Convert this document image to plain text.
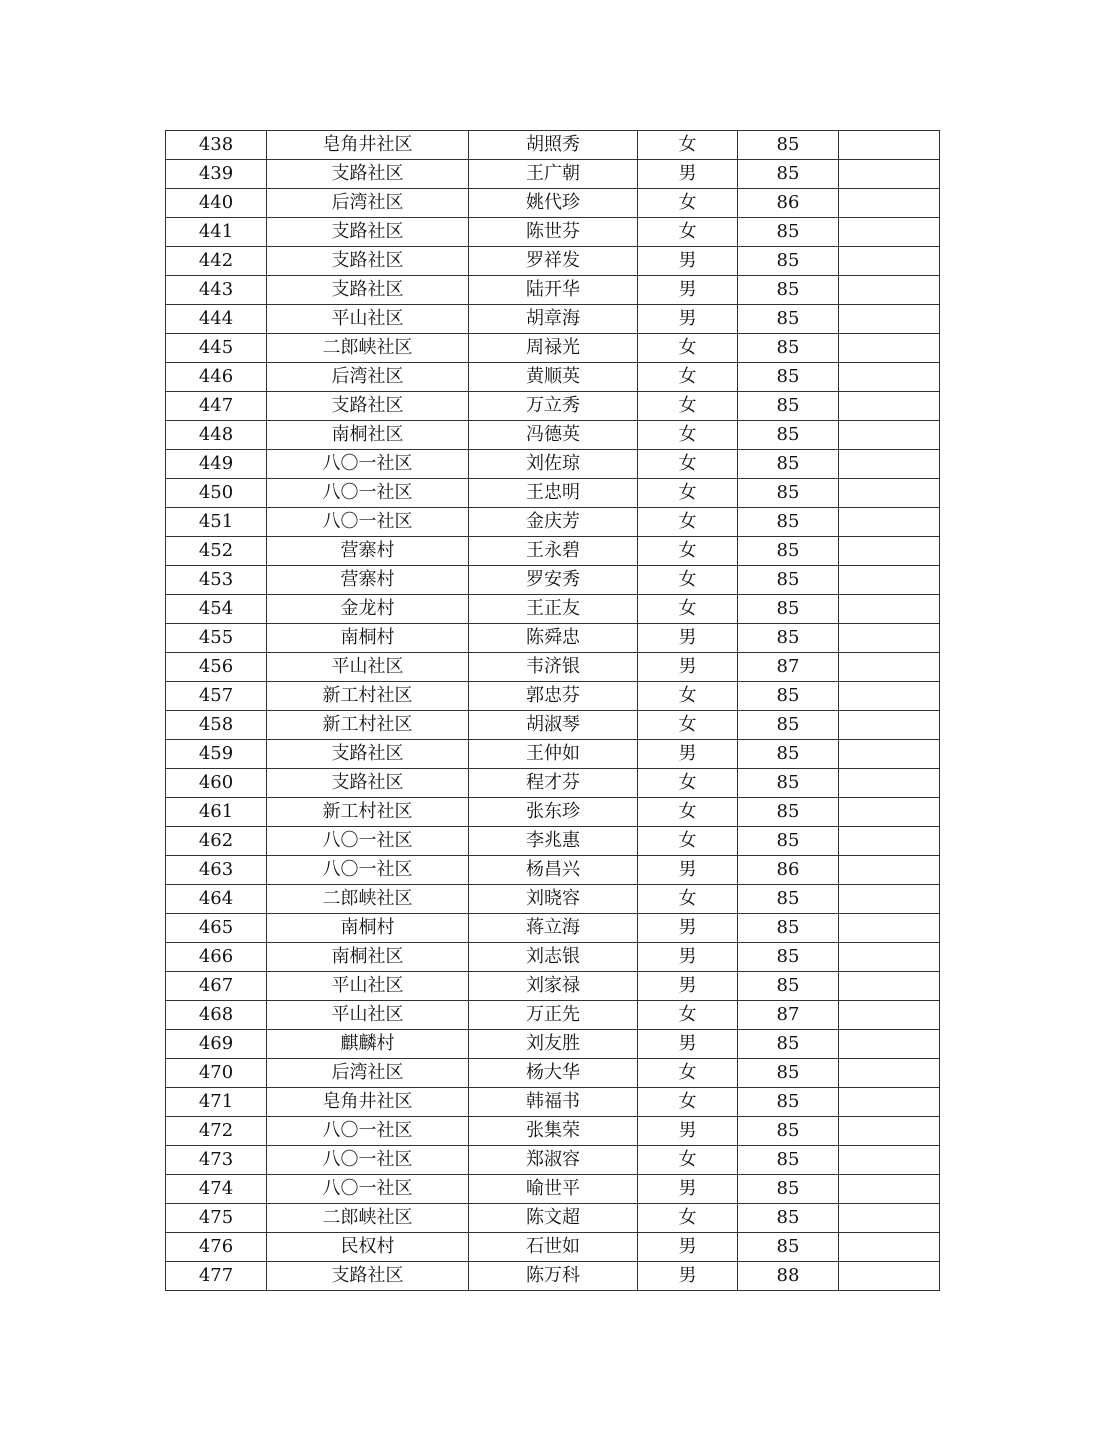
438	皂角井社区	胡照秀	女	85	
439	支路社区	王广朝	男	85	
440	后湾社区	姚代珍	女	86	
441	支路社区	陈世芬	女	85	
442	支路社区	罗祥发	男	85	
443	支路社区	陆开华	男	85	
444	平山社区	胡章海	男	85	
445	二郎峡社区	周禄光	女	85	
446	后湾社区	黄顺英	女	85	
447	支路社区	万立秀	女	85	
448	南桐社区	冯德英	女	85	
449	八〇一社区	刘佐琼	女	85	
450	八〇一社区	王忠明	女	85	
451	八〇一社区	金庆芳	女	85	
452	营寨村	王永碧	女	85	
453	营寨村	罗安秀	女	85	
454	金龙村	王正友	女	85	
455	南桐村	陈舜忠	男	85	
456	平山社区	韦济银	男	87	
457	新工村社区	郭忠芬	女	85	
458	新工村社区	胡淑琴	女	85	
459	支路社区	王仲如	男	85	
460	支路社区	程才芬	女	85	
461	新工村社区	张东珍	女	85	
462	八〇一社区	李兆惠	女	85	
463	八〇一社区	杨昌兴	男	86	
464	二郎峡社区	刘晓容	女	85	
465	南桐村	蒋立海	男	85	
466	南桐社区	刘志银	男	85	
467	平山社区	刘家禄	男	85	
468	平山社区	万正先	女	87	
469	麒麟村	刘友胜	男	85	
470	后湾社区	杨大华	女	85	
471	皂角井社区	韩福书	女	85	
472	八〇一社区	张集荣	男	85	
473	八〇一社区	郑淑容	女	85	
474	八〇一社区	喻世平	男	85	
475	二郎峡社区	陈文超	女	85	
476	民权村	石世如	男	85	
477	支路社区	陈万科	男	88	
